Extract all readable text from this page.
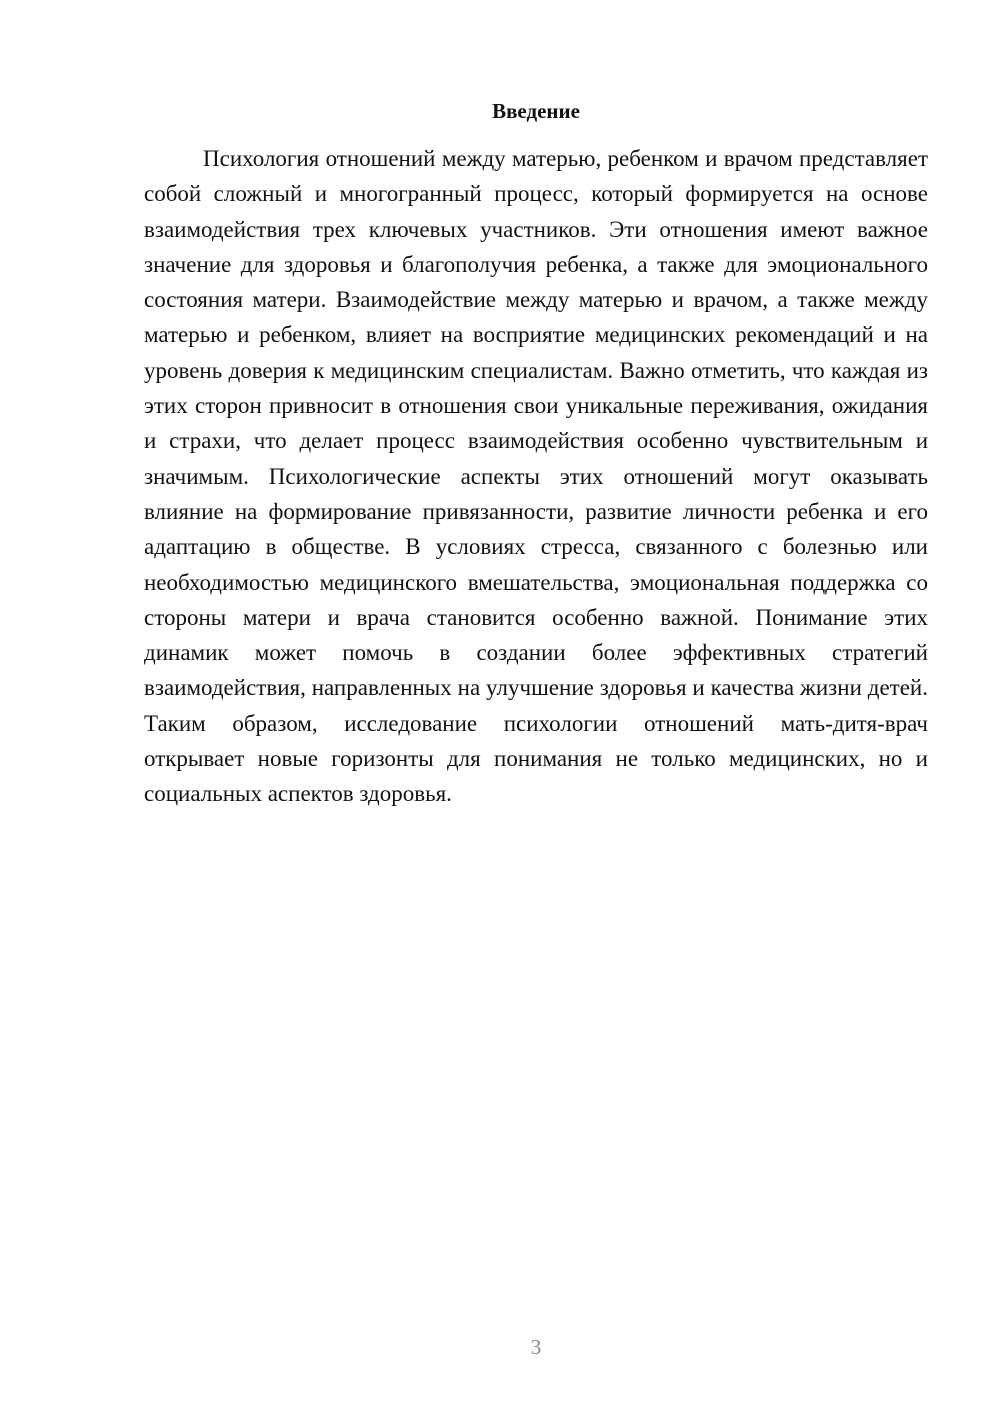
Введение

Психология отношений между матерью, ребенком и врачом представляет собой сложный и многогранный процесс, который формируется на основе взаимодействия трех ключевых участников. Эти отношения имеют важное значение для здоровья и благополучия ребенка, а также для эмоционального состояния матери. Взаимодействие между матерью и врачом, а также между матерью и ребенком, влияет на восприятие медицинских рекомендаций и на уровень доверия к медицинским специалистам. Важно отметить, что каждая из этих сторон привносит в отношения свои уникальные переживания, ожидания и страхи, что делает процесс взаимодействия особенно чувствительным и значимым. Психологические аспекты этих отношений могут оказывать влияние на формирование привязанности, развитие личности ребенка и его адаптацию в обществе. В условиях стресса, связанного с болезнью или необходимостью медицинского вмешательства, эмоциональная поддержка со стороны матери и врача становится особенно важной. Понимание этих динамик может помочь в создании более эффективных стратегий взаимодействия, направленных на улучшение здоровья и качества жизни детей. Таким образом, исследование психологии отношений мать-дитя-врач открывает новые горизонты для понимания не только медицинских, но и социальных аспектов здоровья.

3
